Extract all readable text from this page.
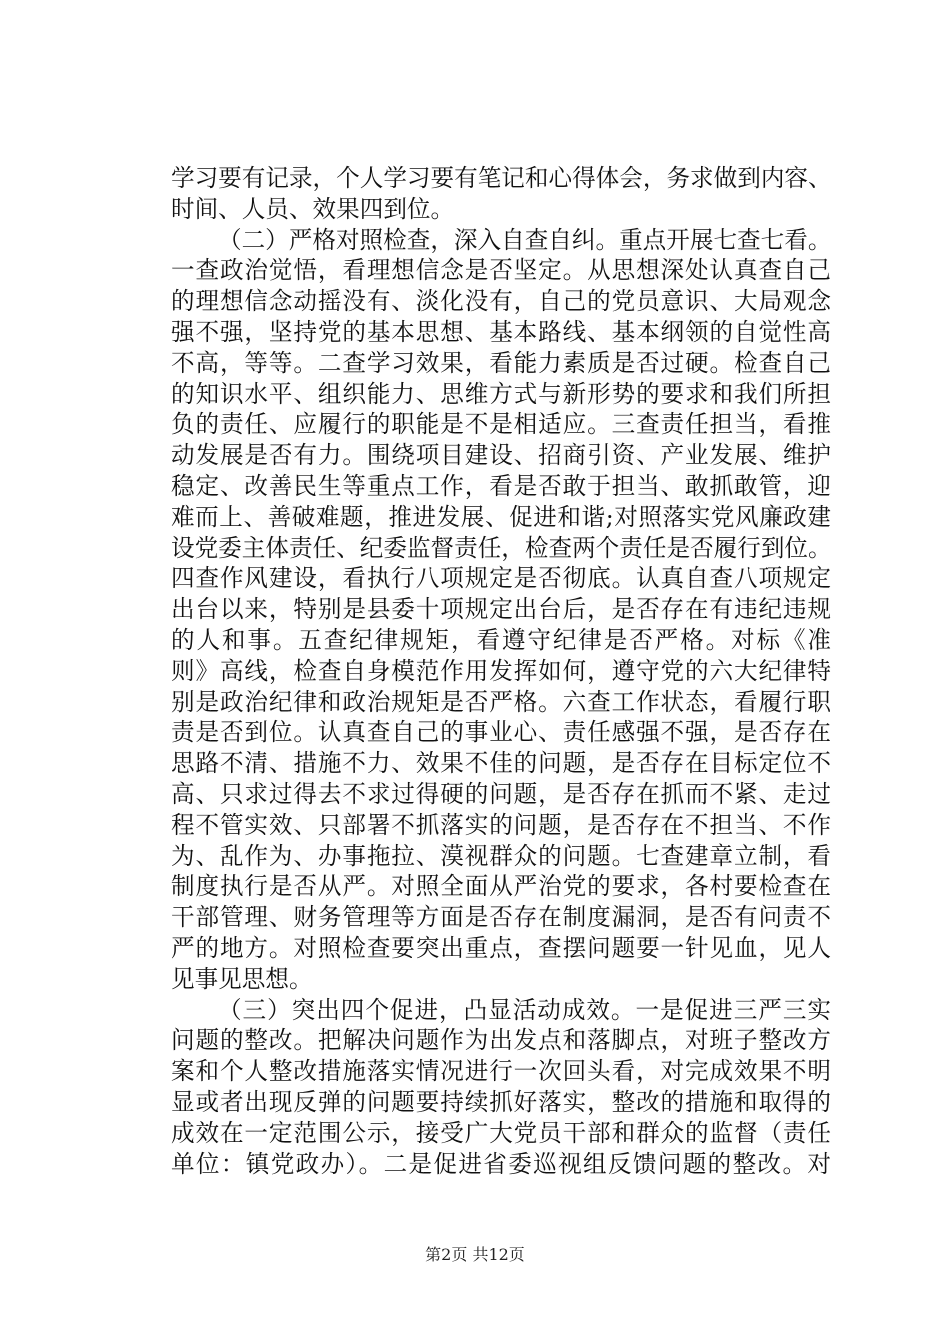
学习要有记录，个人学习要有笔记和心得体会，务求做到内容、
时间、人员、效果四到位。
（二）严格对照检查，深入自查自纠。重点开展七查七看。
一查政治觉悟，看理想信念是否坚定。从思想深处认真查自己
的理想信念动摇没有、淡化没有，自己的党员意识、大局观念
强不强，坚持党的基本思想、基本路线、基本纲领的自觉性高
不高，等等。二查学习效果，看能力素质是否过硬。检查自己
的知识水平、组织能力、思维方式与新形势的要求和我们所担
负的责任、应履行的职能是不是相适应。三查责任担当，看推
动发展是否有力。围绕项目建设、招商引资、产业发展、维护
稳定、改善民生等重点工作，看是否敢于担当、敢抓敢管，迎
难而上、善破难题，推进发展、促进和谐;对照落实党风廉政建
设党委主体责任、纪委监督责任，检查两个责任是否履行到位。
四查作风建设，看执行八项规定是否彻底。认真自查八项规定
出台以来，特别是县委十项规定出台后，是否存在有违纪违规
的人和事。五查纪律规矩，看遵守纪律是否严格。对标《准
则》高线，检查自身模范作用发挥如何，遵守党的六大纪律特
别是政治纪律和政治规矩是否严格。六查工作状态，看履行职
责是否到位。认真查自己的事业心、责任感强不强，是否存在
思路不清、措施不力、效果不佳的问题，是否存在目标定位不
高、只求过得去不求过得硬的问题，是否存在抓而不紧、走过
程不管实效、只部署不抓落实的问题，是否存在不担当、不作
为、乱作为、办事拖拉、漠视群众的问题。七查建章立制，看
制度执行是否从严。对照全面从严治党的要求，各村要检查在
干部管理、财务管理等方面是否存在制度漏洞，是否有问责不
严的地方。对照检查要突出重点，查摆问题要一针见血，见人
见事见思想。
（三）突出四个促进，凸显活动成效。一是促进三严三实
问题的整改。把解决问题作为出发点和落脚点，对班子整改方
案和个人整改措施落实情况进行一次回头看，对完成效果不明
显或者出现反弹的问题要持续抓好落实，整改的措施和取得的
成效在一定范围公示，接受广大党员干部和群众的监督（责任
单位：镇党政办）。二是促进省委巡视组反馈问题的整改。对
第2页 共12页
